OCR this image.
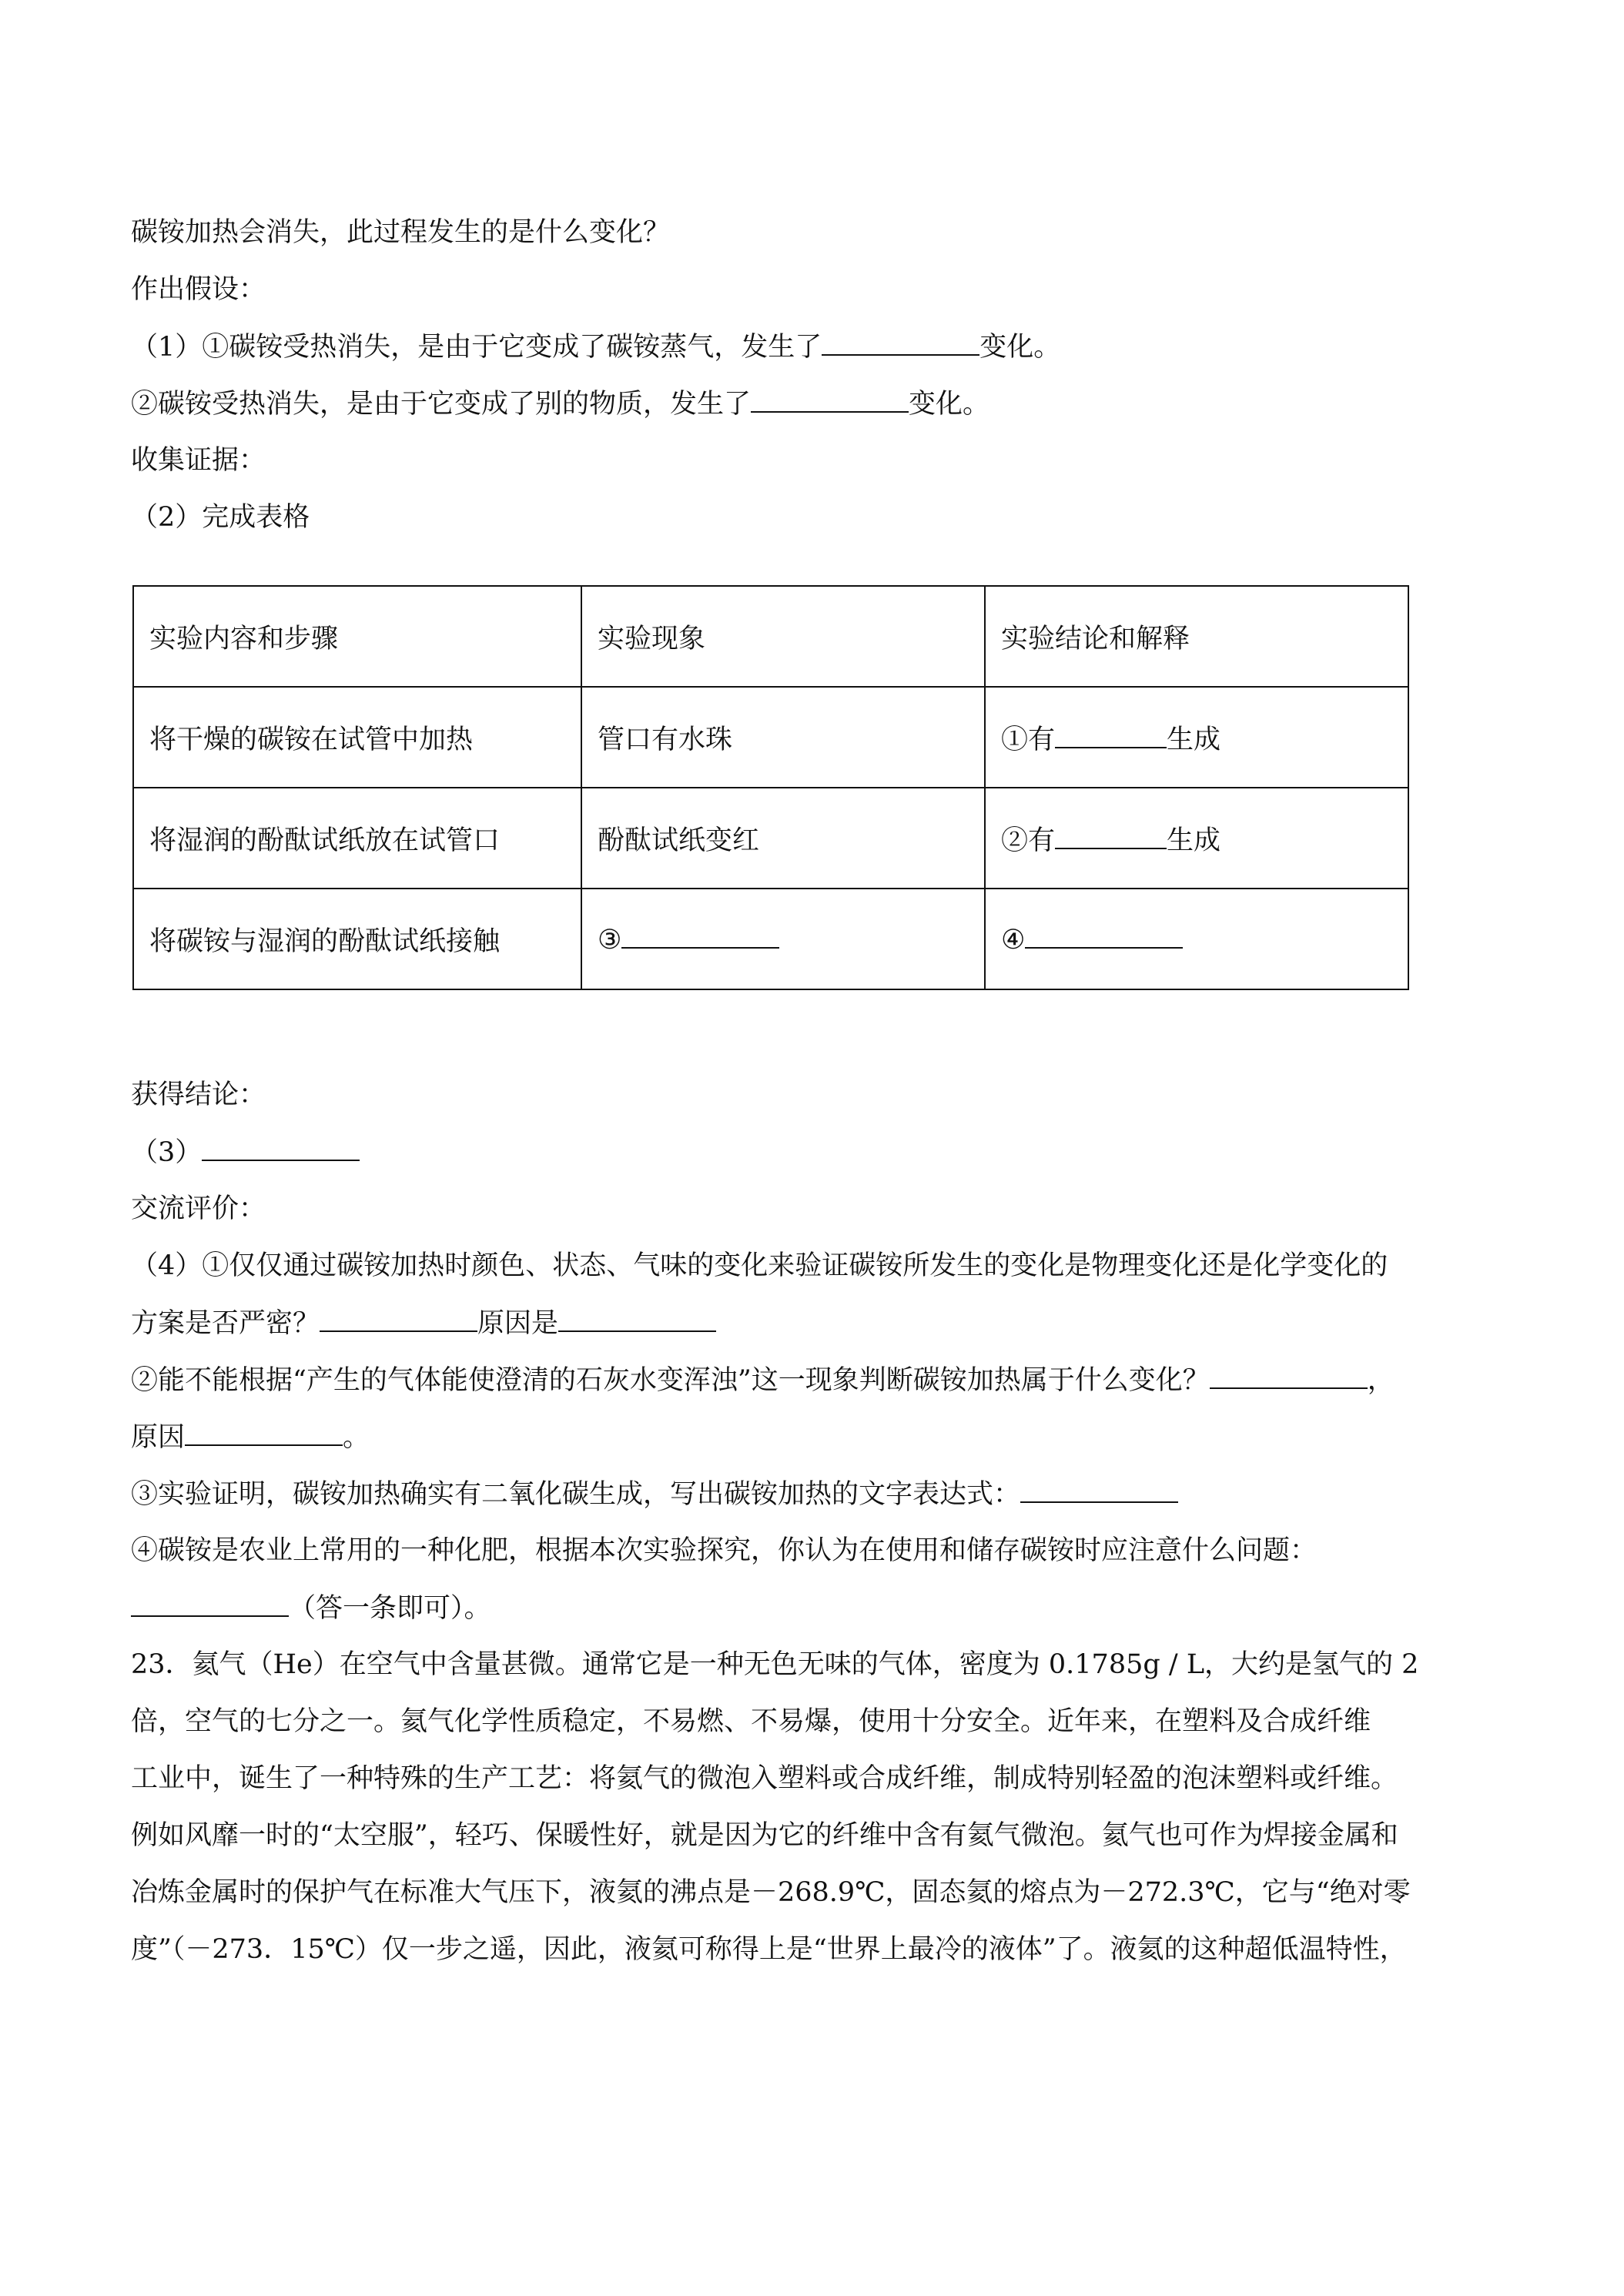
碳铵加热会消失，此过程发生的是什么变化？
作出假设：
（1）①碳铵受热消失，是由于它变成了碳铵蒸气，发生了	变化。
②碳铵受热消失，是由于它变成了别的物质，发生了	变化。
收集证据：
（2）完成表格
实验内容和步骤	实验现象	实验结论和解释
将干燥的碳铵在试管中加热	管口有水珠	①有 生成
将湿润的酚酞试纸放在试管口	酚酞试纸变红	②有 生成
将碳铵与湿润的酚酞试纸接触	③	④
获得结论：
（3）
交流评价：
（4）①仅仅通过碳铵加热时颜色、状态、气味的变化来验证碳铵所发生的变化是物理变化还是化学变化的
方案是否严密？	原因是
②能不能根据“产生的气体能使澄清的石灰水变浑浊”这一现象判断碳铵加热属于什么变化？	，
原因	。
③实验证明，碳铵加热确实有二氧化碳生成，写出碳铵加热的文字表达式：
④碳铵是农业上常用的一种化肥，根据本次实验探究，你认为在使用和储存碳铵时应注意什么问题：
（答一条即可）。
23．氦气（He）在空气中含量甚微。通常它是一种无色无味的气体，密度为 0.1785g / L，大约是氢气的 2
倍，空气的七分之一。氦气化学性质稳定，不易燃、不易爆，使用十分安全。近年来，在塑料及合成纤维
工业中，诞生了一种特殊的生产工艺：将氦气的微泡入塑料或合成纤维，制成特别轻盈的泡沫塑料或纤维。
例如风靡一时的“太空服”，轻巧、保暖性好，就是因为它的纤维中含有氦气微泡。氦气也可作为焊接金属和
冶炼金属时的保护气在标准大气压下，液氦的沸点是－268.9℃，固态氦的熔点为－272.3℃，它与“绝对零
度”（－273．15℃）仅一步之遥，因此，液氦可称得上是“世界上最冷的液体”了。液氦的这种超低温特性，
